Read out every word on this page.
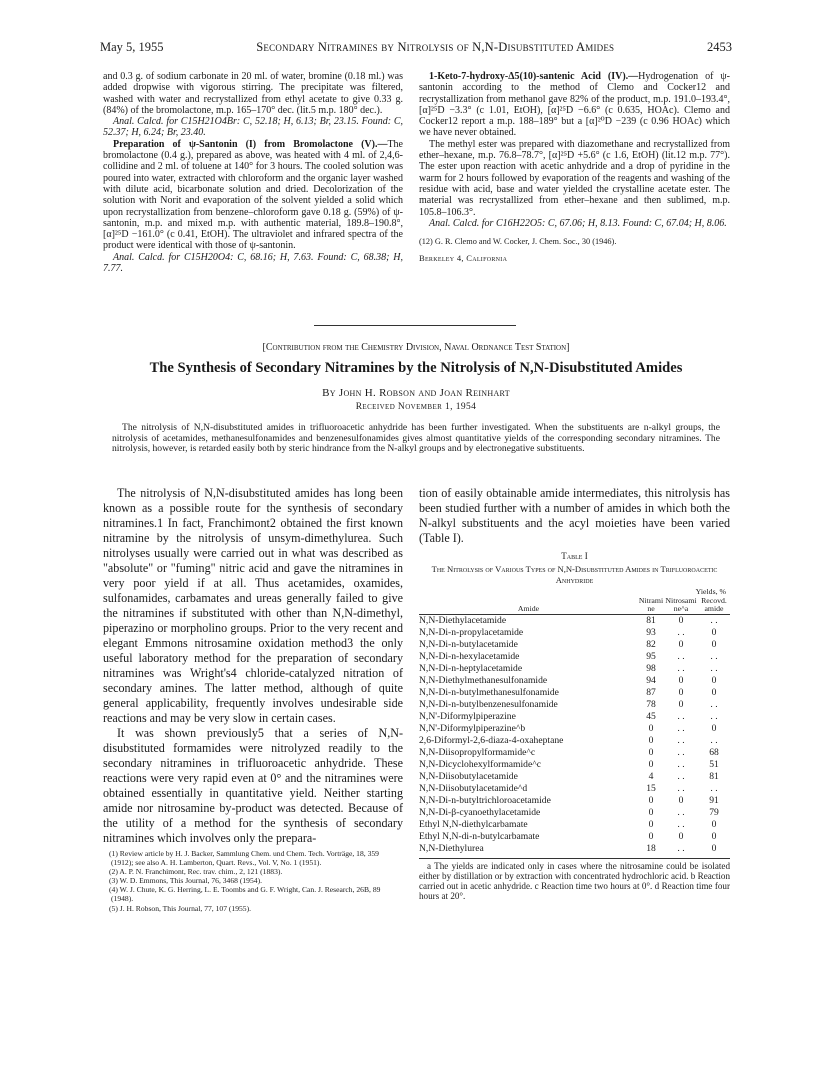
May 5, 1955	Secondary Nitramines by Nitrolysis of N,N-Disubstituted Amides	2453

and 0.3 g. of sodium carbonate in 20 ml. of water, bromine (0.18 ml.) was added dropwise with vigorous stirring. The precipitate was filtered, washed with water and recrystallized from ethyl acetate to give 0.33 g. (84%) of the bromolactone, m.p. 165–170° dec. (lit.5 m.p. 180° dec.).

Anal. Calcd. for C15H21O4Br: C, 52.18; H, 6.13; Br, 23.15. Found: C, 52.37; H, 6.24; Br, 23.40.

Preparation of ψ-Santonin (I) from Bromolactone (V).—The bromolactone (0.4 g.), prepared as above, was heated with 4 ml. of 2,4,6-collidine and 2 ml. of toluene at 140° for 3 hours. The cooled solution was poured into water, extracted with chloroform and the organic layer washed with dilute acid, bicarbonate solution and dried. Decolorization of the solution with Norit and evaporation of the solvent yielded a solid which upon recrystallization from benzene–chloroform gave 0.18 g. (59%) of ψ-santonin, m.p. and mixed m.p. with authentic material, 189.8–190.8°, [α]²⁵D −161.0° (c 0.41, EtOH). The ultraviolet and infrared spectra of the product were identical with those of ψ-santonin.

Anal. Calcd. for C15H20O4: C, 68.16; H, 7.63. Found: C, 68.38; H, 7.77.

1-Keto-7-hydroxy-Δ5(10)-santenic Acid (IV).—Hydrogenation of ψ-santonin according to the method of Clemo and Cocker12 and recrystallization from methanol gave 82% of the product, m.p. 191.0–193.4°, [α]²⁵D −3.3° (c 1.01, EtOH), [α]²⁵D −6.6° (c 0.635, HOAc). Clemo and Cocker12 report a m.p. 188–189° but a [α]²⁰D −239 (c 0.96 HOAc) which we have never obtained.

The methyl ester was prepared with diazomethane and recrystallized from ether–hexane, m.p. 76.8–78.7°, [α]²⁵D +5.6° (c 1.6, EtOH) (lit.12 m.p. 77°). The ester upon reaction with acetic anhydride and a drop of pyridine in the warm for 2 hours followed by evaporation of the reagents and washing of the residue with acid, base and water yielded the crystalline acetate ester. The material was recrystallized from ether–hexane and then sublimed, m.p. 105.8–106.3°.

Anal. Calcd. for C16H22O5: C, 67.06; H, 8.13. Found: C, 67.04; H, 8.06.

(12) G. R. Clemo and W. Cocker, J. Chem. Soc., 30 (1946).
Berkeley 4, California
[Contribution from the Chemistry Division, Naval Ordnance Test Station]
The Synthesis of Secondary Nitramines by the Nitrolysis of N,N-Disubstituted Amides
By John H. Robson and Joan Reinhart
Received November 1, 1954

The nitrolysis of N,N-disubstituted amides in trifluoroacetic anhydride has been further investigated. When the substituents are n-alkyl groups, the nitrolysis of acetamides, methanesulfonamides and benzenesulfonamides gives almost quantitative yields of the corresponding secondary nitramines. The nitrolysis, however, is retarded easily both by steric hindrance from the N-alkyl groups and by electronegative substituents.

The nitrolysis of N,N-disubstituted amides has long been known as a possible route for the synthesis of secondary nitramines.1 In fact, Franchimont2 obtained the first known nitramine by the nitrolysis of unsym-dimethylurea. Such nitrolyses usually were carried out in what was described as "absolute" or "fuming" nitric acid and gave the nitramines in very poor yield if at all. Thus acetamides, oxamides, sulfonamides, carbamates and ureas generally failed to give the nitramines if substituted with other than N,N-dimethyl, piperazino or morpholino groups. Prior to the very recent and elegant Emmons nitrosamine oxidation method3 the only useful laboratory method for the preparation of secondary nitramines was Wright's4 chloride-catalyzed nitration of secondary amines. The latter method, although of quite general applicability, frequently involves undesirable side reactions and may be very slow in certain cases.

It was shown previously5 that a series of N,N-disubstituted formamides were nitrolyzed readily to the secondary nitramines in trifluoroacetic anhydride. These reactions were very rapid even at 0° and the nitramines were obtained essentially in quantitative yield. Neither starting amide nor nitrosamine by-product was detected. Because of the utility of a method for the synthesis of secondary nitramines which involves only the prepara-

(1) Review article by H. J. Backer, Sammlung Chem. und Chem. Tech. Vorträge, 18, 359 (1912); see also A. H. Lamberton, Quart. Revs., Vol. V, No. 1 (1951).
(2) A. P. N. Franchimont, Rec. trav. chim., 2, 121 (1883).
(3) W. D. Emmons, This Journal, 76, 3468 (1954).
(4) W. J. Chute, K. G. Herring, L. E. Toombs and G. F. Wright, Can. J. Research, 26B, 89 (1948).
(5) J. H. Robson, This Journal, 77, 107 (1955).

tion of easily obtainable amide intermediates, this nitrolysis has been studied further with a number of amides in which both the N-alkyl substituents and the acyl moieties have been varied (Table I).

Table I
The Nitrolysis of Various Types of N,N-Disubstituted Amides in Trifluoroacetic Anhydride
	Yields, %		
Amide	Nitramine	Nitrosamine^a	Recovd. amide
N,N-Diethylacetamide	81	0	. .
N,N-Di-n-propylacetamide	93	. .	0
N,N-Di-n-butylacetamide	82	0	0
N,N-Di-n-hexylacetamide	95	. .	. .
N,N-Di-n-heptylacetamide	98	. .	. .
N,N-Diethylmethanesulfonamide	94	0	0
N,N-Di-n-butylmethanesulfonamide	87	0	0
N,N-Di-n-butylbenzenesulfonamide	78	0	. .
N,N'-Diformylpiperazine	45	. .	. .
N,N'-Diformylpiperazine^b	0	. .	0
2,6-Diformyl-2,6-diaza-4-oxaheptane	0	. .	. .
N,N-Diisopropylformamide^c	0	. .	68
N,N-Dicyclohexylformamide^c	0	. .	51
N,N-Diisobutylacetamide	4	. .	81
N,N-Diisobutylacetamide^d	15	. .	. .
N,N-Di-n-butyltrichloroacetamide	0	0	91
N,N-Di-β-cyanoethylacetamide	0	. .	79
Ethyl N,N-diethylcarbamate	0	. .	0
Ethyl N,N-di-n-butylcarbamate	0	0	0
N,N-Diethylurea	18	. .	0

a The yields are indicated only in cases where the nitrosamine could be isolated either by distillation or by extraction with concentrated hydrochloric acid. b Reaction carried out in acetic anhydride. c Reaction time two hours at 0°. d Reaction time four hours at 20°.
